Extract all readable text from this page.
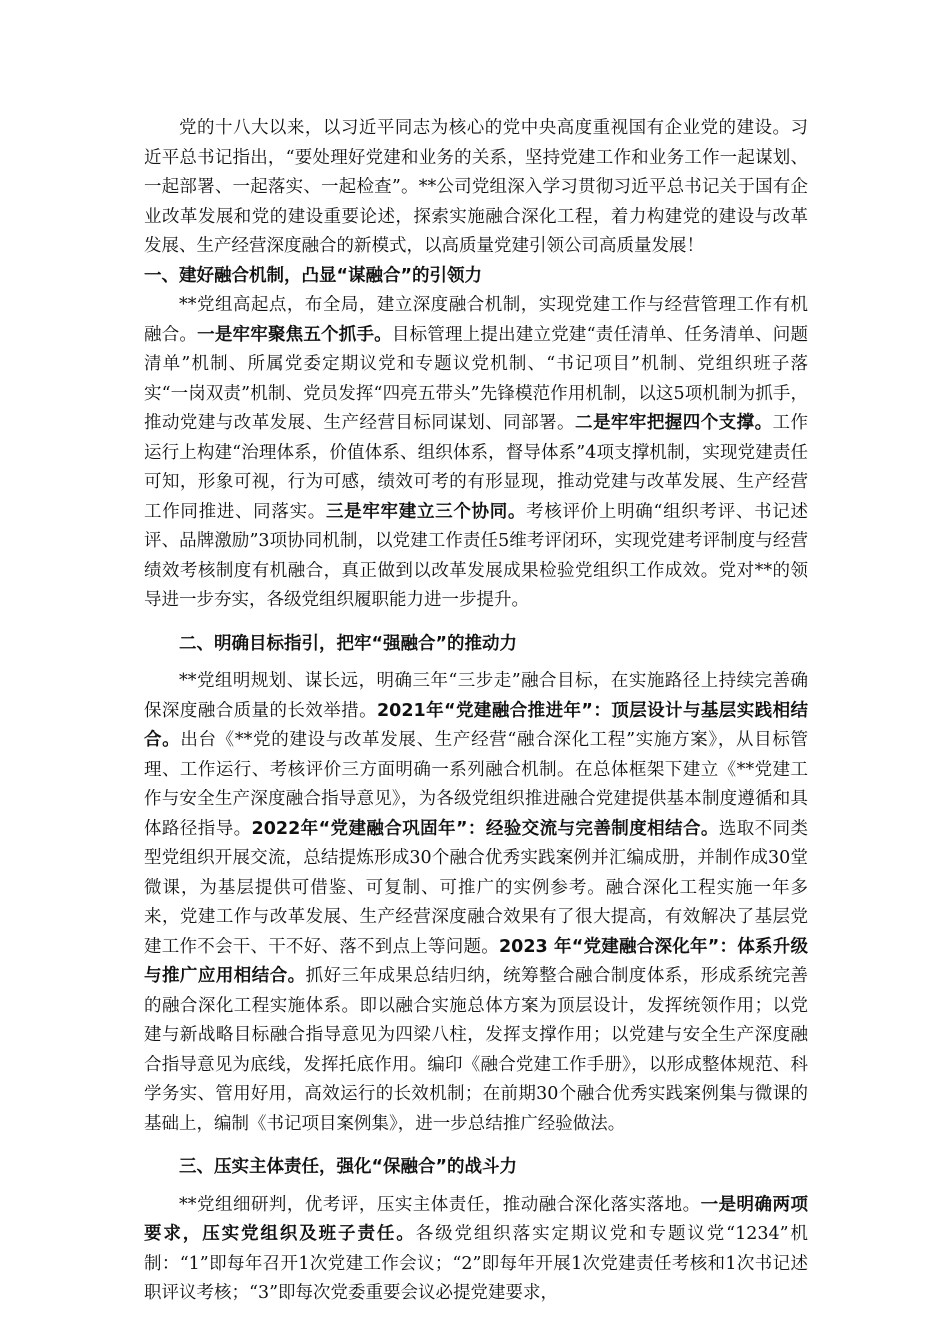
党的十八大以来，以习近平同志为核心的党中央高度重视国有企业党的建设。习近平总书记指出，“要处理好党建和业务的关系，坚持党建工作和业务工作一起谋划、一起部署、一起落实、一起检查”。**公司党组深入学习贯彻习近平总书记关于国有企业改革发展和党的建设重要论述，探索实施融合深化工程，着力构建党的建设与改革发展、生产经营深度融合的新模式，以高质量党建引领公司高质量发展！

一、建好融合机制，凸显“谋融合”的引领力

**党组高起点，布全局，建立深度融合机制，实现党建工作与经营管理工作有机融合。一是牢牢聚焦五个抓手。目标管理上提出建立党建“责任清单、任务清单、问题清单”机制、所属党委定期议党和专题议党机制、“书记项目”机制、党组织班子落实“一岗双责”机制、党员发挥“四亮五带头”先锋模范作用机制，以这5项机制为抓手，推动党建与改革发展、生产经营目标同谋划、同部署。二是牢牢把握四个支撑。工作运行上构建“治理体系，价值体系、组织体系，督导体系”4项支撑机制，实现党建责任可知，形象可视，行为可感，绩效可考的有形显现，推动党建与改革发展、生产经营工作同推进、同落实。三是牢牢建立三个协同。考核评价上明确“组织考评、书记述评、品牌激励”3项协同机制，以党建工作责任5维考评闭环，实现党建考评制度与经营绩效考核制度有机融合，真正做到以改革发展成果检验党组织工作成效。党对**的领导进一步夯实，各级党组织履职能力进一步提升。

二、明确目标指引，把牢“强融合”的推动力

**党组明规划、谋长远，明确三年“三步走”融合目标，在实施路径上持续完善确保深度融合质量的长效举措。2021年“党建融合推进年”：顶层设计与基层实践相结合。出台《**党的建设与改革发展、生产经营“融合深化工程”实施方案》，从目标管理、工作运行、考核评价三方面明确一系列融合机制。在总体框架下建立《**党建工作与安全生产深度融合指导意见》，为各级党组织推进融合党建提供基本制度遵循和具体路径指导。2022年“党建融合巩固年”：经验交流与完善制度相结合。选取不同类型党组织开展交流，总结提炼形成30个融合优秀实践案例并汇编成册，并制作成30堂微课，为基层提供可借鉴、可复制、可推广的实例参考。融合深化工程实施一年多来，党建工作与改革发展、生产经营深度融合效果有了很大提高，有效解决了基层党建工作不会干、干不好、落不到点上等问题。2023 年“党建融合深化年”：体系升级与推广应用相结合。抓好三年成果总结归纳，统筹整合融合制度体系，形成系统完善的融合深化工程实施体系。即以融合实施总体方案为顶层设计，发挥统领作用；以党建与新战略目标融合指导意见为四梁八柱，发挥支撑作用；以党建与安全生产深度融合指导意见为底线，发挥托底作用。编印《融合党建工作手册》，以形成整体规范、科学务实、管用好用，高效运行的长效机制；在前期30个融合优秀实践案例集与微课的基础上，编制《书记项目案例集》，进一步总结推广经验做法。

三、压实主体责任，强化“保融合”的战斗力

**党组细研判，优考评，压实主体责任，推动融合深化落实落地。一是明确两项要求，压实党组织及班子责任。各级党组织落实定期议党和专题议党“1234”机制：“1”即每年召开1次党建工作会议；“2”即每年开展1次党建责任考核和1次书记述职评议考核；“3”即每次党委重要会议必提党建要求，
